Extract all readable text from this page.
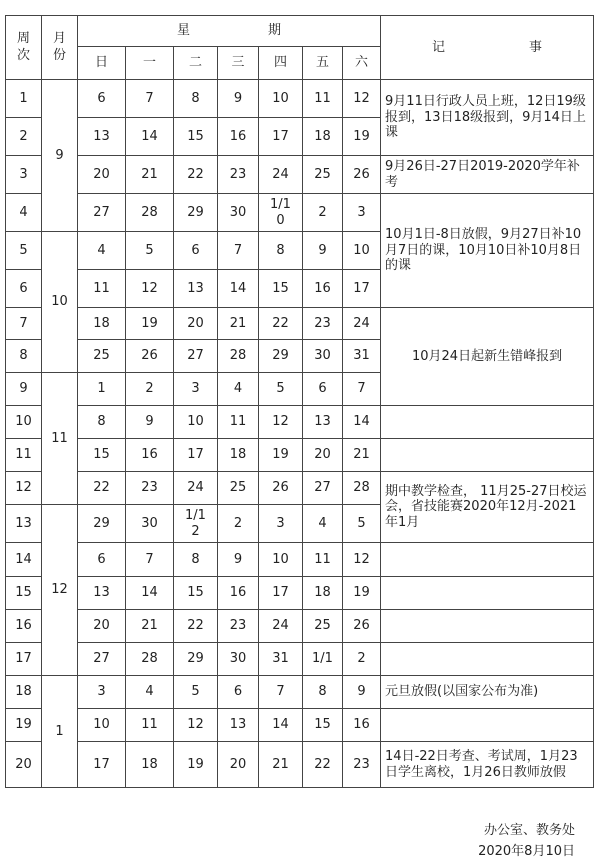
周次	月份	星 期							记 事

		日	一	二	三	四	五	六	
1	9	6	7	8	9	10	11	12	9月11日行政人员上班，12日19级报到，13日18级报到，9月14日上课
2		13	14	15	16	17	18	19	
3		20	21	22	23	24	25	26	9月26日-27日2019-2020学年补考
4		27	28	29	30	1/10	2	3	10月1日-8日放假，9月27日补10月7日的课，10月10日补10月8日的课
5	10	4	5	6	7	8	9	10	
6		11	12	13	14	15	16	17	
7		18	19	20	21	22	23	24	10月24日起新生错峰报到
8		25	26	27	28	29	30	31	
9	11	1	2	3	4	5	6	7	
10		8	9	10	11	12	13	14	
11		15	16	17	18	19	20	21	
12		22	23	24	25	26	27	28	期中教学检查， 11月25-27日校运会，省技能赛2020年12月-2021年1月
13	12	29	30	1/12	2	3	4	5	
14		6	7	8	9	10	11	12	
15		13	14	15	16	17	18	19	
16		20	21	22	23	24	25	26	
17		27	28	29	30	31	1/1	2	
18	1	3	4	5	6	7	8	9	元旦放假(以国家公布为准)
19		10	11	12	13	14	15	16	
20		17	18	19	20	21	22	23	14日-22日考查、考试周，1月23日学生离校，1月26日教师放假
办公室、教务处
2020年8月10日
